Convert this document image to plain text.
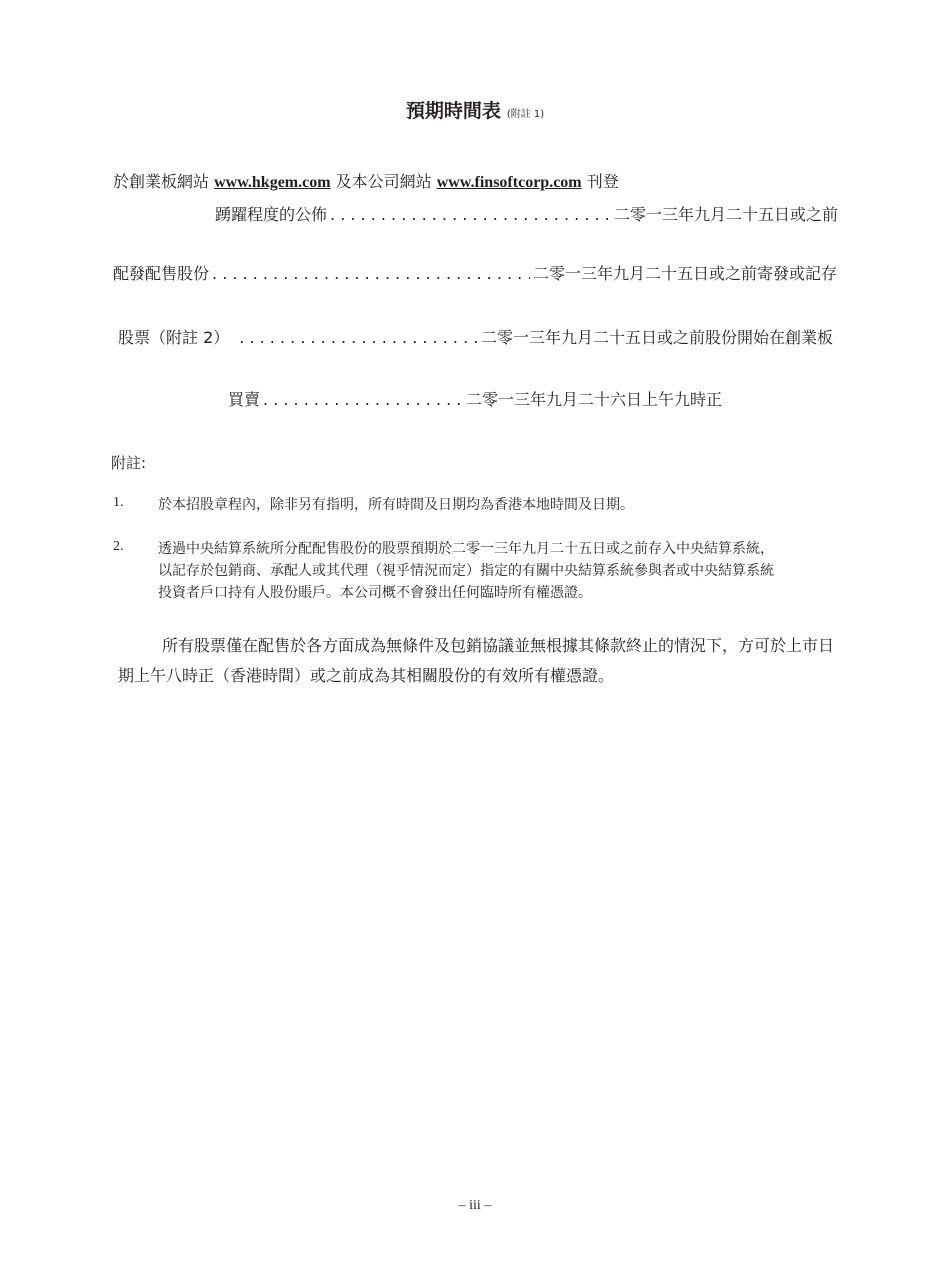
預期時間表 (附註 1)
於創業板網站 www.hkgem.com 及本公司網站 www.finsoftcorp.com 刊登
踴躍程度的公佈 . . .	二零一三年九月二十五日或之前
配發配售股份 . . .	二零一三年九月二十五日或之前寄發或記存
股票（附註 2） . . .	二零一三年九月二十五日或之前股份開始在創業板
買賣 . . .	二零一三年九月二十六日上午九時正
附註:
1. 於本招股章程內，除非另有指明，所有時間及日期均為香港本地時間及日期。
2. 透過中央結算系統所分配配售股份的股票預期於二零一三年九月二十五日或之前存入中央結算系統，
以記存於包銷商、承配人或其代理（視乎情況而定）指定的有關中央結算系統參與者或中央結算系統
投資者戶口持有人股份賬戶。本公司概不會發出任何臨時所有權憑證。
所有股票僅在配售於各方面成為無條件及包銷協議並無根據其條款終止的情況下，方可於上市日期上午八時正（香港時間）或之前成為其相關股份的有效所有權憑證。
– iii –
